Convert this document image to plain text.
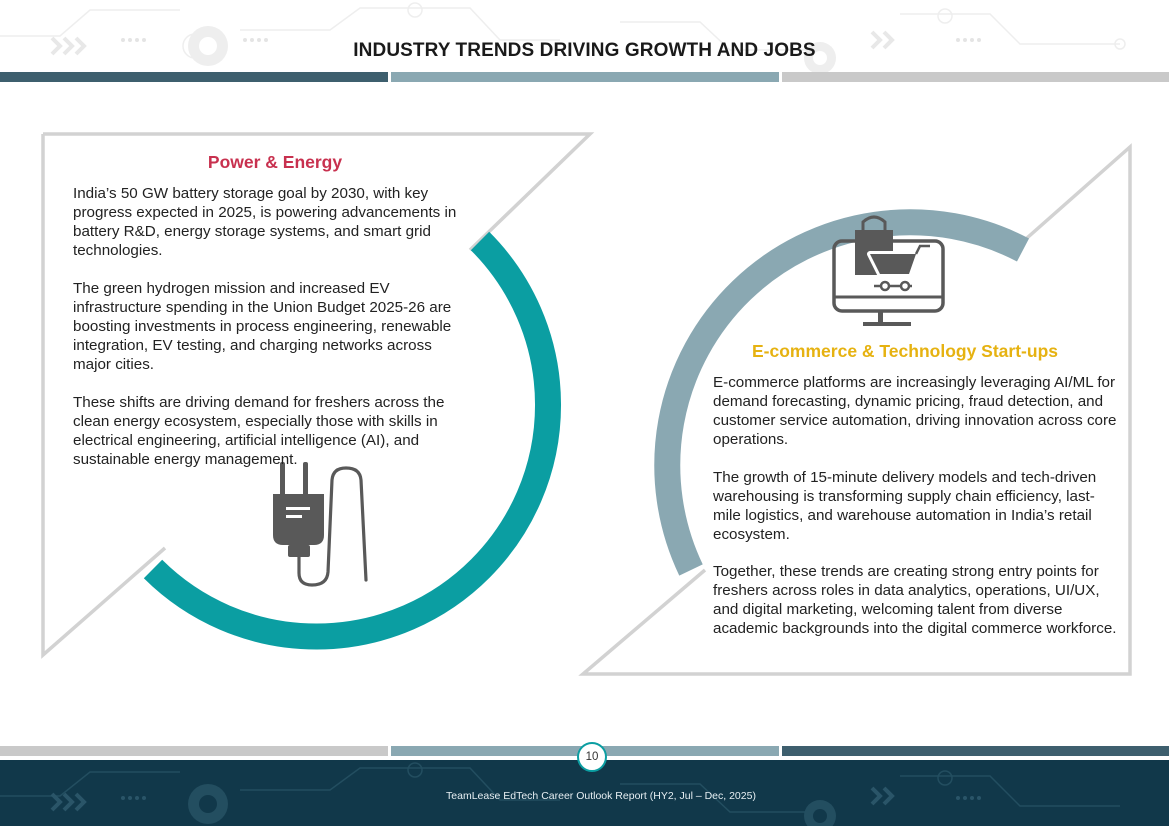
INDUSTRY TRENDS DRIVING GROWTH AND JOBS
Power & Energy

India’s 50 GW battery storage goal by 2030, with key progress expected in 2025, is powering advancements in battery R&D, energy storage systems, and smart grid technologies.

The green hydrogen mission and increased EV infrastructure spending in the Union Budget 2025-26 are boosting investments in process engineering, renewable integration, EV testing, and charging networks across major cities.

These shifts are driving demand for freshers across the clean energy ecosystem, especially those with skills in electrical engineering, artificial intelligence (AI), and sustainable energy management.

E-commerce & Technology Start-ups

E-commerce platforms are increasingly leveraging AI/ML for demand forecasting, dynamic pricing, fraud detection, and customer service automation, driving innovation across core operations.

The growth of 15-minute delivery models and tech-driven warehousing is transforming supply chain efficiency, last-mile logistics, and warehouse automation in India’s retail ecosystem.

Together, these trends are creating strong entry points for freshers across roles in data analytics, operations, UI/UX, and digital marketing, welcoming talent from diverse academic backgrounds into the digital commerce workforce.

10
TeamLease EdTech Career Outlook Report (HY2, Jul – Dec, 2025)
